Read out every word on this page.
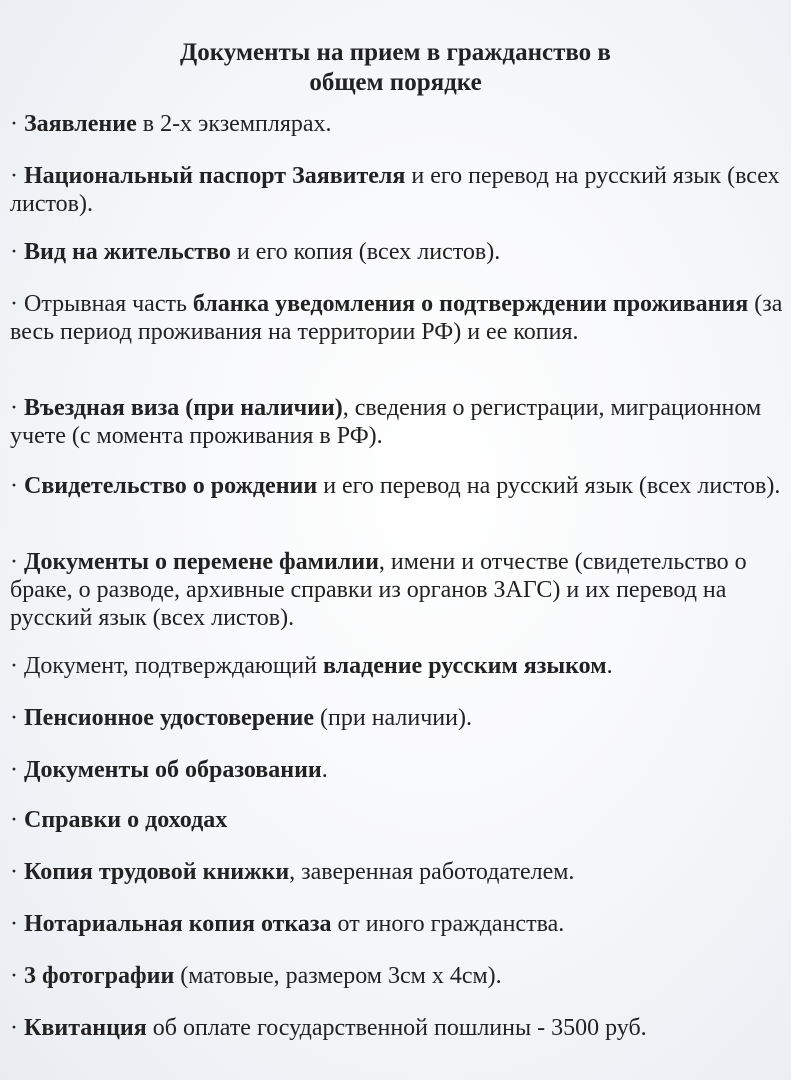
Документы на прием в гражданство в
общем порядке
· Заявление в 2-х экземплярах.
· Национальный паспорт Заявителя и его перевод на русский язык (всех листов).
· Вид на жительство и его копия (всех листов).
· Отрывная часть бланка уведомления о подтверждении проживания (за весь период проживания на территории РФ) и ее копия.
· Въездная виза (при наличии), сведения о регистрации, миграционном учете (с момента проживания в РФ).
· Свидетельство о рождении и его перевод на русский язык (всех листов).
· Документы о перемене фамилии, имени и отчестве (свидетельство о браке, о разводе, архивные справки из органов ЗАГС) и их перевод на русский язык (всех листов).
· Документ, подтверждающий владение русским языком.
· Пенсионное удостоверение (при наличии).
· Документы об образовании.
· Справки о доходах
· Копия трудовой книжки, заверенная работодателем.
· Нотариальная копия отказа от иного гражданства.
· 3 фотографии (матовые, размером 3см х 4см).
· Квитанция об оплате государственной пошлины - 3500 руб.
